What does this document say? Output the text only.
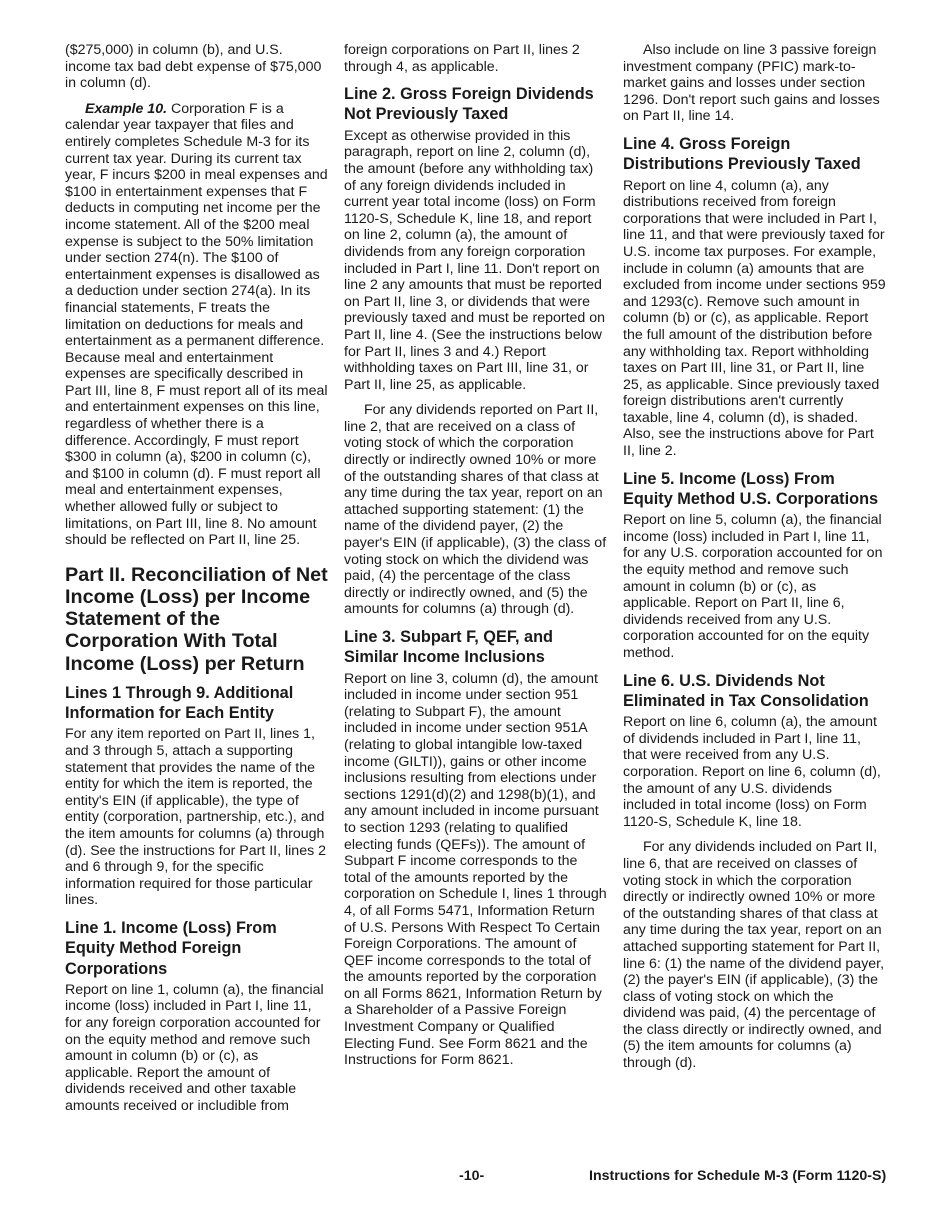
($275,000) in column (b), and U.S. income tax bad debt expense of $75,000 in column (d).

Example 10. Corporation F is a calendar year taxpayer that files and entirely completes Schedule M-3 for its current tax year. During its current tax year, F incurs $200 in meal expenses and $100 in entertainment expenses that F deducts in computing net income per the income statement. All of the $200 meal expense is subject to the 50% limitation under section 274(n). The $100 of entertainment expenses is disallowed as a deduction under section 274(a). In its financial statements, F treats the limitation on deductions for meals and entertainment as a permanent difference. Because meal and entertainment expenses are specifically described in Part III, line 8, F must report all of its meal and entertainment expenses on this line, regardless of whether there is a difference. Accordingly, F must report $300 in column (a), $200 in column (c), and $100 in column (d). F must report all meal and entertainment expenses, whether allowed fully or subject to limitations, on Part III, line 8. No amount should be reflected on Part II, line 25.

Part II. Reconciliation of Net Income (Loss) per Income Statement of the Corporation With Total Income (Loss) per Return
Lines 1 Through 9. Additional Information for Each Entity

For any item reported on Part II, lines 1, and 3 through 5, attach a supporting statement that provides the name of the entity for which the item is reported, the entity's EIN (if applicable), the type of entity (corporation, partnership, etc.), and the item amounts for columns (a) through (d). See the instructions for Part II, lines 2 and 6 through 9, for the specific information required for those particular lines.

Line 1. Income (Loss) From Equity Method Foreign Corporations

Report on line 1, column (a), the financial income (loss) included in Part I, line 11, for any foreign corporation accounted for on the equity method and remove such amount in column (b) or (c), as applicable. Report the amount of dividends received and other taxable amounts received or includible from

foreign corporations on Part II, lines 2 through 4, as applicable.

Line 2. Gross Foreign Dividends Not Previously Taxed

Except as otherwise provided in this paragraph, report on line 2, column (d), the amount (before any withholding tax) of any foreign dividends included in current year total income (loss) on Form 1120-S, Schedule K, line 18, and report on line 2, column (a), the amount of dividends from any foreign corporation included in Part I, line 11. Don't report on line 2 any amounts that must be reported on Part II, line 3, or dividends that were previously taxed and must be reported on Part II, line 4. (See the instructions below for Part II, lines 3 and 4.) Report withholding taxes on Part III, line 31, or Part II, line 25, as applicable.

For any dividends reported on Part II, line 2, that are received on a class of voting stock of which the corporation directly or indirectly owned 10% or more of the outstanding shares of that class at any time during the tax year, report on an attached supporting statement: (1) the name of the dividend payer, (2) the payer's EIN (if applicable), (3) the class of voting stock on which the dividend was paid, (4) the percentage of the class directly or indirectly owned, and (5) the amounts for columns (a) through (d).

Line 3. Subpart F, QEF, and Similar Income Inclusions

Report on line 3, column (d), the amount included in income under section 951 (relating to Subpart F), the amount included in income under section 951A (relating to global intangible low-taxed income (GILTI)), gains or other income inclusions resulting from elections under sections 1291(d)(2) and 1298(b)(1), and any amount included in income pursuant to section 1293 (relating to qualified electing funds (QEFs)). The amount of Subpart F income corresponds to the total of the amounts reported by the corporation on Schedule I, lines 1 through 4, of all Forms 5471, Information Return of U.S. Persons With Respect To Certain Foreign Corporations. The amount of QEF income corresponds to the total of the amounts reported by the corporation on all Forms 8621, Information Return by a Shareholder of a Passive Foreign Investment Company or Qualified Electing Fund. See Form 8621 and the Instructions for Form 8621.

Also include on line 3 passive foreign investment company (PFIC) mark-to-market gains and losses under section 1296. Don't report such gains and losses on Part II, line 14.

Line 4. Gross Foreign Distributions Previously Taxed

Report on line 4, column (a), any distributions received from foreign corporations that were included in Part I, line 11, and that were previously taxed for U.S. income tax purposes. For example, include in column (a) amounts that are excluded from income under sections 959 and 1293(c). Remove such amount in column (b) or (c), as applicable. Report the full amount of the distribution before any withholding tax. Report withholding taxes on Part III, line 31, or Part II, line 25, as applicable. Since previously taxed foreign distributions aren't currently taxable, line 4, column (d), is shaded. Also, see the instructions above for Part II, line 2.

Line 5. Income (Loss) From Equity Method U.S. Corporations

Report on line 5, column (a), the financial income (loss) included in Part I, line 11, for any U.S. corporation accounted for on the equity method and remove such amount in column (b) or (c), as applicable. Report on Part II, line 6, dividends received from any U.S. corporation accounted for on the equity method.

Line 6. U.S. Dividends Not Eliminated in Tax Consolidation

Report on line 6, column (a), the amount of dividends included in Part I, line 11, that were received from any U.S. corporation. Report on line 6, column (d), the amount of any U.S. dividends included in total income (loss) on Form 1120-S, Schedule K, line 18.

For any dividends included on Part II, line 6, that are received on classes of voting stock in which the corporation directly or indirectly owned 10% or more of the outstanding shares of that class at any time during the tax year, report on an attached supporting statement for Part II, line 6: (1) the name of the dividend payer, (2) the payer's EIN (if applicable), (3) the class of voting stock on which the dividend was paid, (4) the percentage of the class directly or indirectly owned, and (5) the item amounts for columns (a) through (d).

-10-	Instructions for Schedule M-3 (Form 1120-S)
